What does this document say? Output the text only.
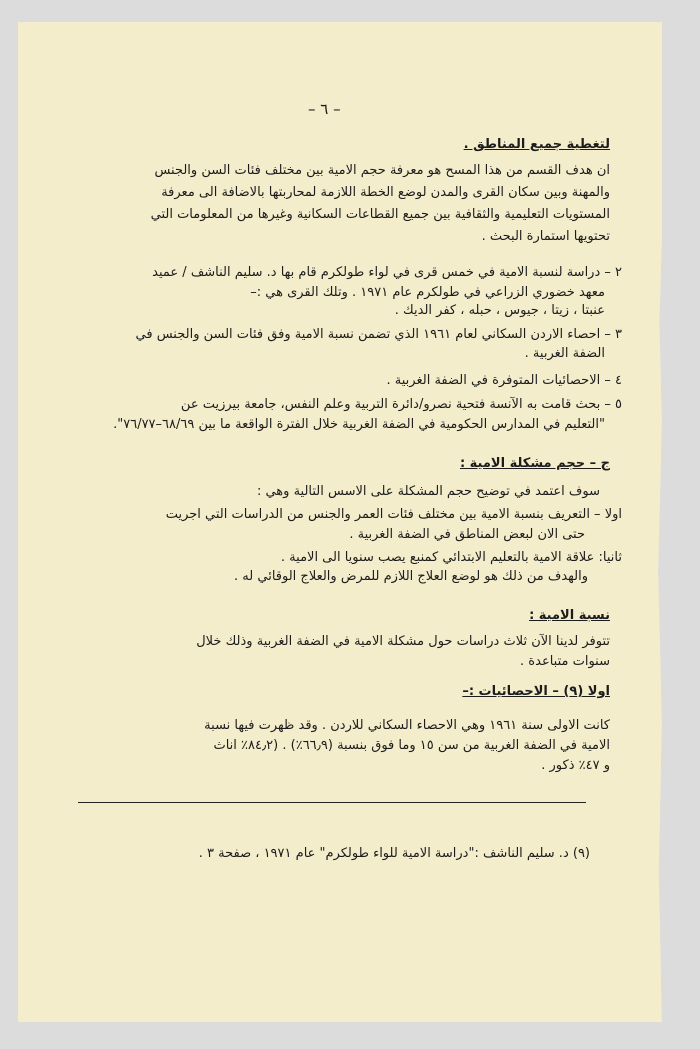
– ٦ –
لتغطية جميع المناطق .
ان هدف القسم من هذا المسح هو معرفة حجم الامية بين مختلف فئات السن والجنس
والمهنة وبين سكان القرى والمدن لوضع الخطة اللازمة لمحاربتها بالاضافة الى معرفة
المستويات التعليمية والثقافية بين جميع القطاعات السكانية وغيرها من المعلومات التي
تحتويها استمارة البحث .
٢ – دراسة لنسبة الامية في خمس قرى في لواء طولكرم قام بها د. سليم الناشف / عميد
معهد خضوري الزراعي في طولكرم عام ١٩٧١ . وتلك القرى هي :–
عنبتا ، زيتا ، جيوس ، حبله ، كفر الديك .
٣ – احصاء الاردن السكاني لعام ١٩٦١ الذي تضمن نسبة الامية وفق فئات السن والجنس في
الضفة الغربية .
٤ – الاحصائيات المتوفرة في الضفة الغربية .
٥ – بحث قامت به الآنسة فتحية نصرو/دائرة التربية وعلم النفس، جامعة بيرزيت عن
"التعليم في المدارس الحكومية في الضفة الغربية خلال الفترة الواقعة ما بين ٦٨/٦٩–٧٦/٧٧".
ج – حجم مشكلة الامية :
سوف اعتمد في توضيح حجم المشكلة على الاسس التالية وهي :
اولا – التعريف بنسبة الامية بين مختلف فئات العمر والجنس من الدراسات التي اجريت
حتى الان لبعض المناطق في الضفة الغربية .
ثانيا: علاقة الامية بالتعليم الابتدائي كمنبع يصب سنويا الى الامية .
والهدف من ذلك هو لوضع العلاج اللازم للمرض والعلاج الوقائي له .
نسبة الامية :
تتوفر لدينا الآن ثلاث دراسات حول مشكلة الامية في الضفة الغربية وذلك خلال
سنوات متباعدة .
اولا (٩) – الاحصائيات :–
كانت الاولى سنة ١٩٦١ وهي الاحصاء السكاني للاردن . وقد ظهرت فيها نسبة
الامية في الضفة الغربية من سن ١٥ وما فوق بنسبة (٦٦٫٩٪) . (٨٤٫٢٪ اناث
و ٤٧٪ ذكور .
(٩) د. سليم الناشف :"دراسة الامية للواء طولكرم" عام ١٩٧١ ، صفحة ٣ .
